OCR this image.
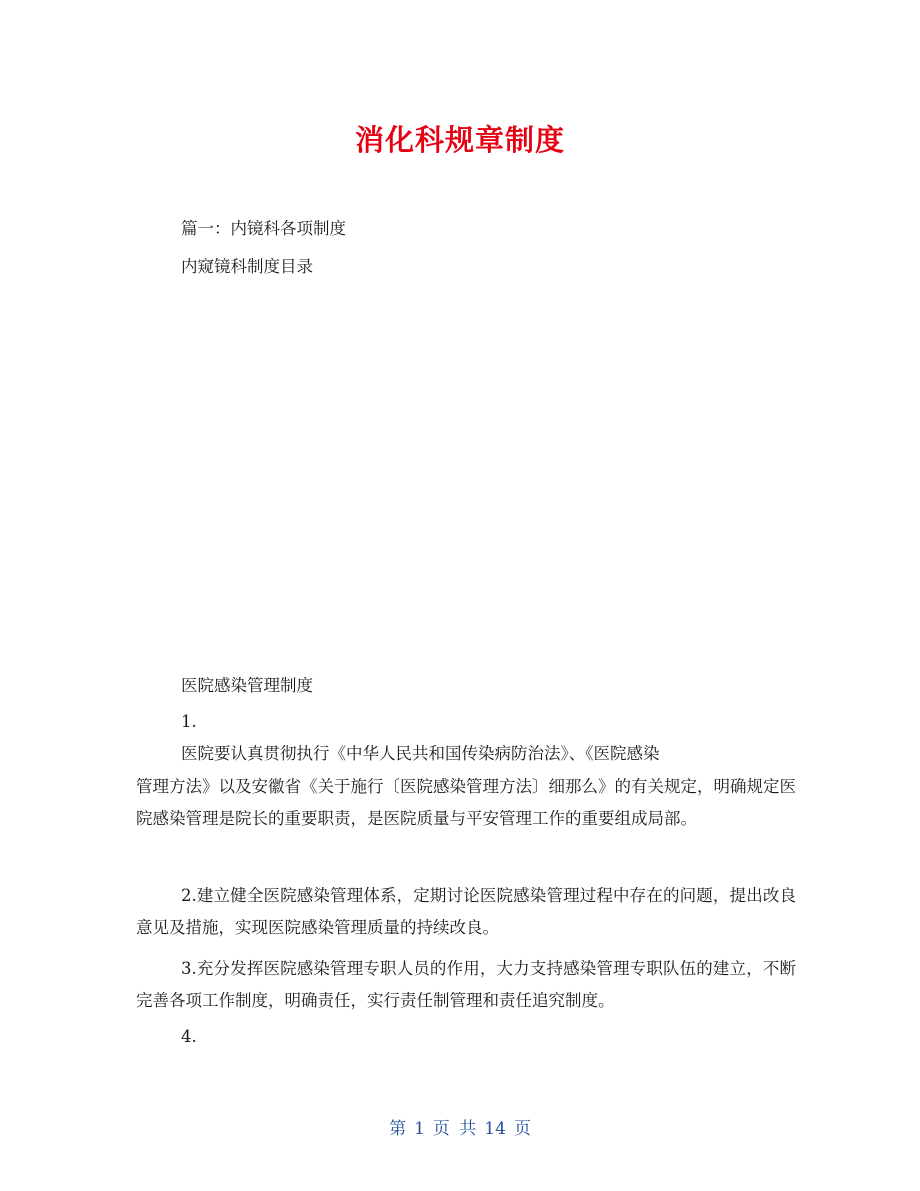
消化科规章制度
篇一：内镜科各项制度
内窥镜科制度目录
医院感染管理制度
1.
医院要认真贯彻执行《中华人民共和国传染病防治法》、《医院感染
管理方法》以及安徽省《关于施行〔医院感染管理方法〕细那么》的有关规定，明确规定医院感染管理是院长的重要职责，是医院质量与平安管理工作的重要组成局部。
2.建立健全医院感染管理体系，定期讨论医院感染管理过程中存在的问题，提出改良意见及措施，实现医院感染管理质量的持续改良。
3.充分发挥医院感染管理专职人员的作用，大力支持感染管理专职队伍的建立，不断完善各项工作制度，明确责任，实行责任制管理和责任追究制度。
4.
第 1 页 共 14 页
